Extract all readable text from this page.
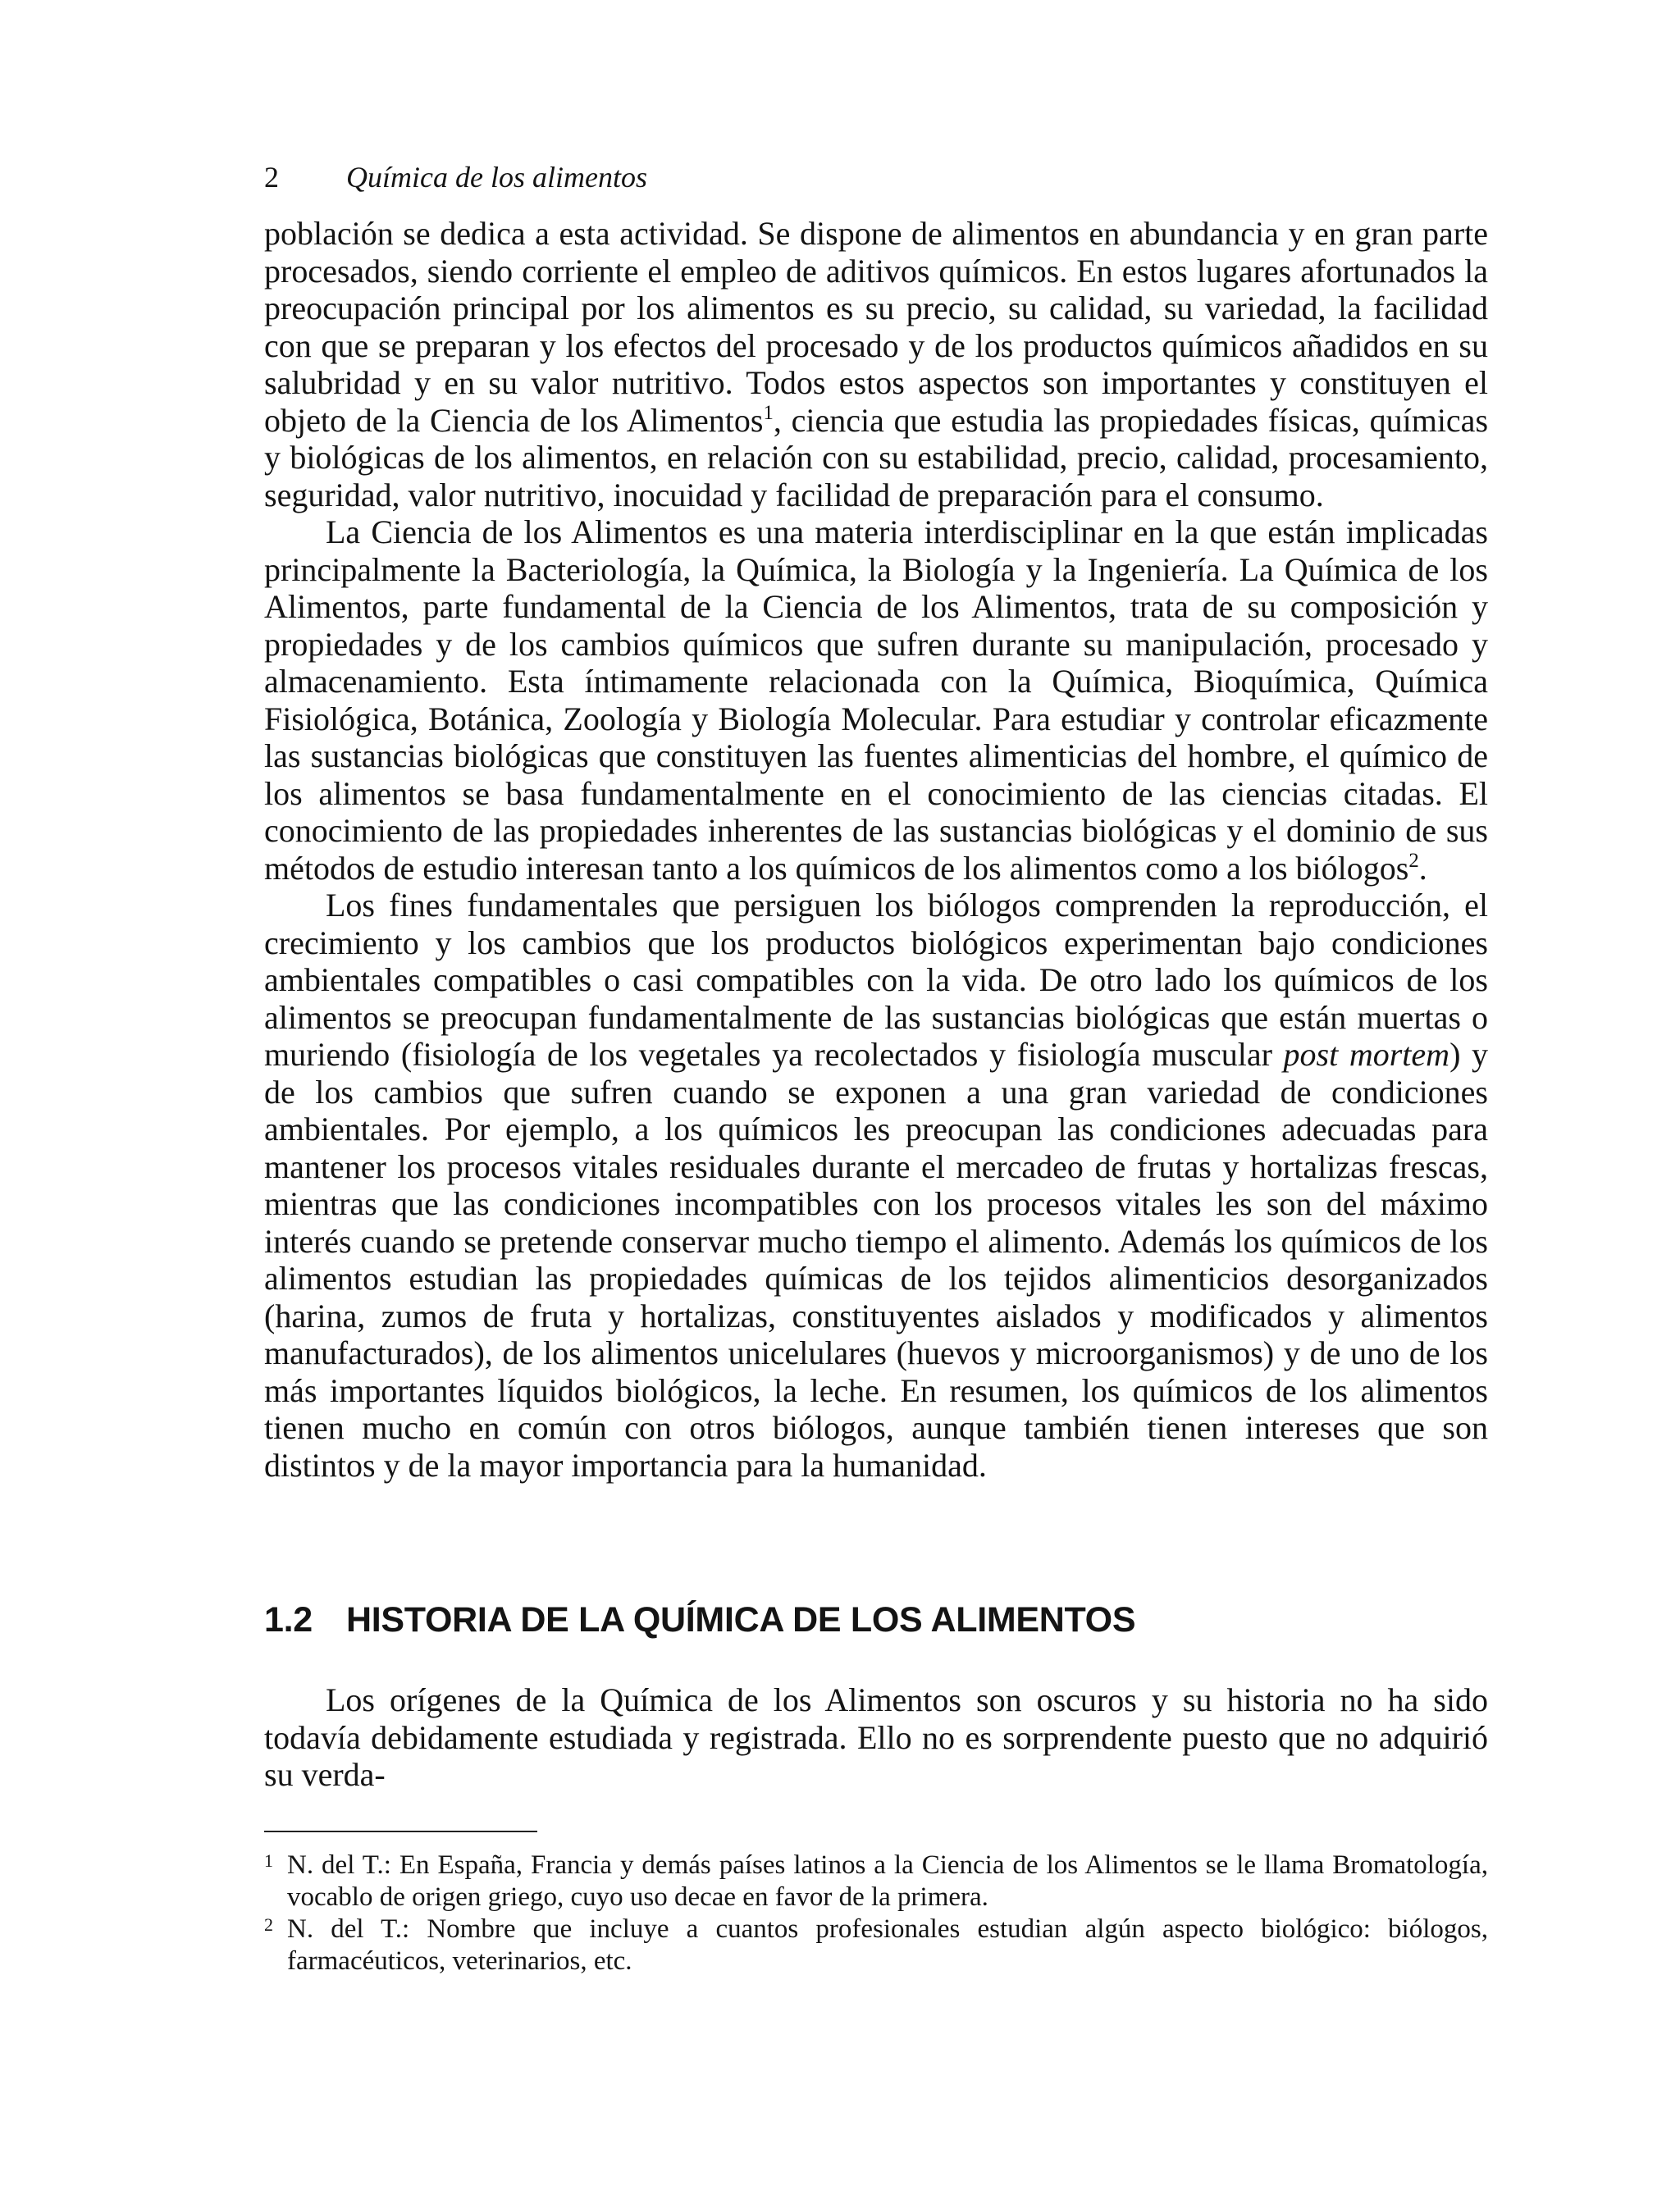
2 Química de los alimentos

población se dedica a esta actividad. Se dispone de alimentos en abundancia y en gran parte procesados, siendo corriente el empleo de aditivos químicos. En estos lugares afortunados la preocupación principal por los alimentos es su precio, su calidad, su variedad, la facilidad con que se preparan y los efectos del procesado y de los productos químicos añadidos en su salubridad y en su valor nutritivo. Todos estos aspectos son importantes y constituyen el objeto de la Ciencia de los Alimentos$^1$, ciencia que estudia las propiedades físicas, químicas y biológicas de los alimentos, en relación con su estabilidad, precio, calidad, procesamiento, seguridad, valor nutritivo, inocuidad y facilidad de preparación para el consumo.

La Ciencia de los Alimentos es una materia interdisciplinar en la que están implicadas principalmente la Bacteriología, la Química, la Biología y la Ingeniería. La Química de los Alimentos, parte fundamental de la Ciencia de los Alimentos, trata de su composición y propiedades y de los cambios químicos que sufren durante su manipulación, procesado y almacenamiento. Esta íntimamente relacionada con la Química, Bioquímica, Química Fisiológica, Botánica, Zoología y Biología Molecular. Para estudiar y controlar eficazmente las sustancias biológicas que constituyen las fuentes alimenticias del hombre, el químico de los alimentos se basa fundamentalmente en el conocimiento de las ciencias citadas. El conocimiento de las propiedades inherentes de las sustancias biológicas y el dominio de sus métodos de estudio interesan tanto a los químicos de los alimentos como a los biólogos$^2$.

Los fines fundamentales que persiguen los biólogos comprenden la reproducción, el crecimiento y los cambios que los productos biológicos experimentan bajo condiciones ambientales compatibles o casi compatibles con la vida. De otro lado los químicos de los alimentos se preocupan fundamentalmente de las sustancias biológicas que están muertas o muriendo (fisiología de los vegetales ya recolectados y fisiología muscular post mortem) y de los cambios que sufren cuando se exponen a una gran variedad de condiciones ambientales. Por ejemplo, a los químicos les preocupan las condiciones adecuadas para mantener los procesos vitales residuales durante el mercadeo de frutas y hortalizas frescas, mientras que las condiciones incompatibles con los procesos vitales les son del máximo interés cuando se pretende conservar mucho tiempo el alimento. Además los químicos de los alimentos estudian las propiedades químicas de los tejidos alimenticios desorganizados (harina, zumos de fruta y hortalizas, constituyentes aislados y modificados y alimentos manufacturados), de los alimentos unicelulares (huevos y microorganismos) y de uno de los más importantes líquidos biológicos, la leche. En resumen, los químicos de los alimentos tienen mucho en común con otros biólogos, aunque también tienen intereses que son distintos y de la mayor importancia para la humanidad.

1.2 HISTORIA DE LA QUÍMICA DE LOS ALIMENTOS

Los orígenes de la Química de los Alimentos son oscuros y su historia no ha sido todavía debidamente estudiada y registrada. Ello no es sorprendente puesto que no adquirió su verda-

1 N. del T.: En España, Francia y demás países latinos a la Ciencia de los Alimentos se le llama Bromatología, vocablo de origen griego, cuyo uso decae en favor de la primera.
2 N. del T.: Nombre que incluye a cuantos profesionales estudian algún aspecto biológico: biólogos, farmacéuticos, veterinarios, etc.
